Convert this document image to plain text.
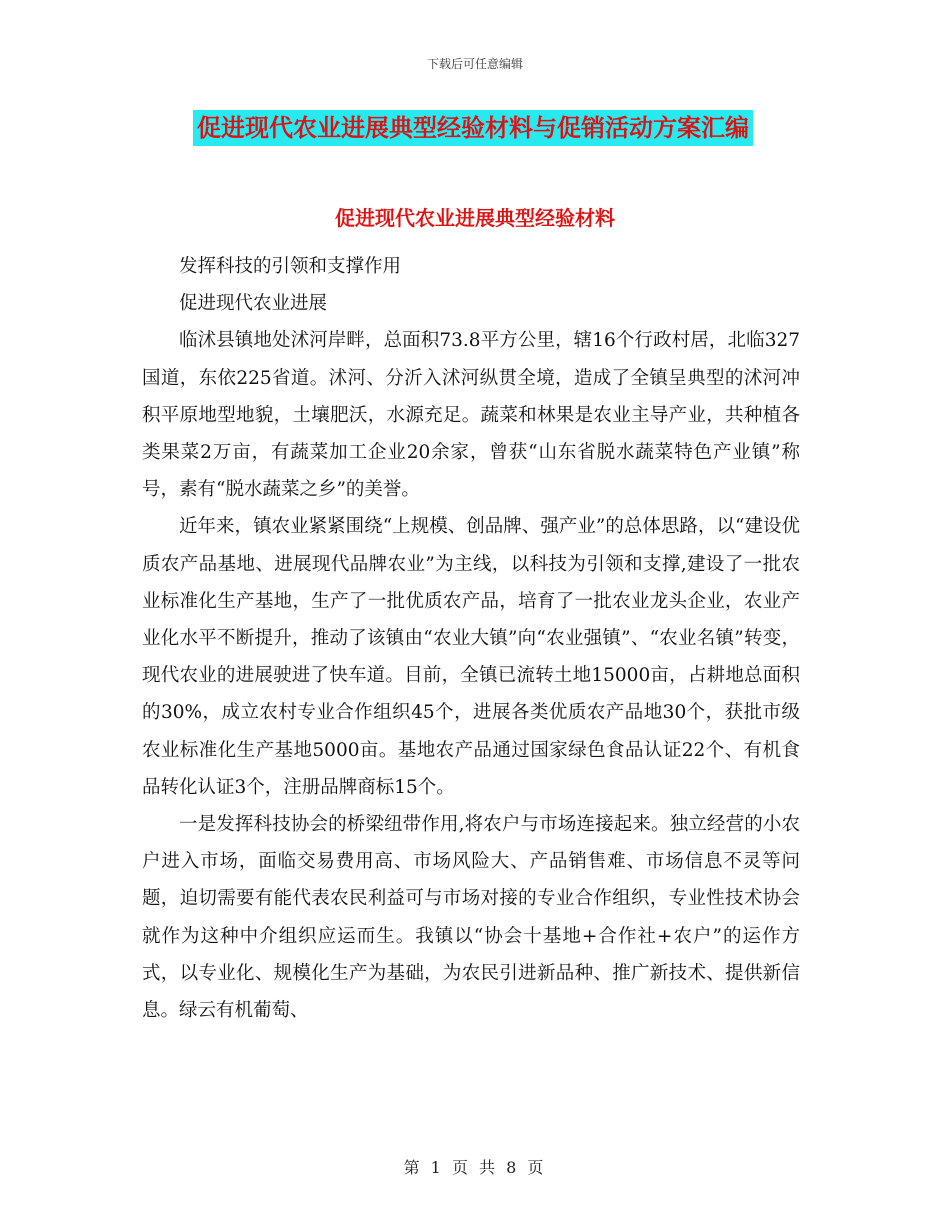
下载后可任意编辑
促进现代农业进展典型经验材料与促销活动方案汇编
促进现代农业进展典型经验材料

发挥科技的引领和支撑作用

促进现代农业进展

临沭县镇地处沭河岸畔，总面积73.8平方公里，辖16个行政村居，北临327国道，东依225省道。沭河、分沂入沭河纵贯全境，造成了全镇呈典型的沭河冲积平原地型地貌，土壤肥沃，水源充足。蔬菜和林果是农业主导产业，共种植各类果菜2万亩，有蔬菜加工企业20余家，曾获“山东省脱水蔬菜特色产业镇”称号，素有“脱水蔬菜之乡”的美誉。

近年来，镇农业紧紧围绕“上规模、创品牌、强产业”的总体思路，以“建设优质农产品基地、进展现代品牌农业”为主线，以科技为引领和支撑,建设了一批农业标准化生产基地，生产了一批优质农产品，培育了一批农业龙头企业，农业产业化水平不断提升，推动了该镇由“农业大镇”向“农业强镇”、“农业名镇”转变，现代农业的进展驶进了快车道。目前，全镇已流转土地15000亩，占耕地总面积的30%，成立农村专业合作组织45个，进展各类优质农产品地30个，获批市级农业标准化生产基地5000亩。基地农产品通过国家绿色食品认证22个、有机食品转化认证3个，注册品牌商标15个。

一是发挥科技协会的桥梁纽带作用,将农户与市场连接起来。独立经营的小农户进入市场，面临交易费用高、市场风险大、产品销售难、市场信息不灵等问题，迫切需要有能代表农民利益可与市场对接的专业合作组织，专业性技术协会就作为这种中介组织应运而生。我镇以“协会十基地+合作社+农户”的运作方式，以专业化、规模化生产为基础，为农民引进新品种、推广新技术、提供新信息。绿云有机葡萄、

第 1 页 共 8 页
